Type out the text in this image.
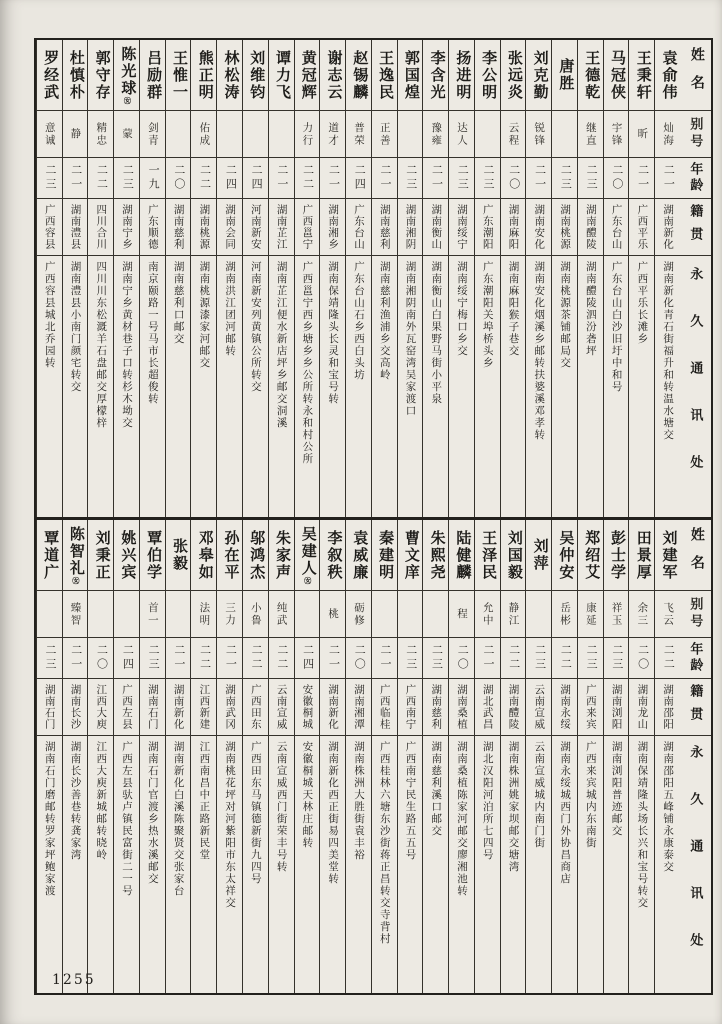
姓名
别号
年龄
籍贯
永久通讯处
袁俞伟
灿海
二一
湖南新化
湖南新化青石街福升和转温水塘交
王秉轩
昕
二一
广西平乐
广西平乐长滩乡
马冠侠
宇锋
二〇
广东台山
广东台山白沙旧圩中和号
王德乾
继直
二三
湖南醴陵
湖南醴陵泗汾砻坪
唐胜
二三
湖南桃源
湖南桃源茶铺邮局交
刘克勤
锐锋
二一
湖南安化
湖南安化烟溪乡邮转扶婆溪邓孝转
张远炎
云程
二〇
湖南麻阳
湖南麻阳猴子巷交
李公明
二三
广东潮阳
广东潮阳关埠桥头乡
扬进明
达人
二三
湖南绥宁
湖南绥宁梅口乡交
李含光
豫雍
二一
湖南衡山
湖南衡山白果野马街小平泉
郭国煌
二三
湖南湘阴
湖南湘阴南外瓦窑湾吴家渡口
王逸民
正善
二一
湖南慈利
湖南慈利渔浦乡交高岭
赵锡麟
普荣
二四
广东台山
广东台山石乡西白头坊
谢志云
道才
二一
湖南湘乡
湖南保靖隆头长灵和宝号转
黄冠辉
力行
二二
广西邕宁
广西邕宁西乡塘乡乡公所转永和村公所
谭力飞
二一
湖南芷江
湖南芷江便水新店坪乡邮交洞溪
刘维钧
二四
河南新安
河南新安列黄镇公所转交
林松涛
二四
湖南会同
湖南洪江团河邮转
熊正明
佑成
二二
湖南桃源
湖南桃源漆家河邮交
王惟一
二〇
湖南慈利
湖南慈利口邮交
吕励群
剑青
一九
广东顺德
南京颐路一号马市长超俊转
陈光球㊛
蒙
二三
湖南宁乡
湖南宁乡黄材巷子口转杉木坳交
郭守存
精忠
二二
四川合川
四川川东松溉羊石盘邮交厚檬梓
杜慎朴
静
二一
湖南澧县
湖南澧县小南门颜宅转交
罗经武
意诚
二三
广西容县
广西容县城北乔园转
姓名
别号
年龄
籍贯
永久通讯处
刘建军
飞云
二二
湖南邵阳
湖南邵阳五峰铺永康泰交
田景厚
余三
二〇
湖南龙山
湖南保靖隆头场长兴和宝号转交
彭士学
祥玉
二三
湖南浏阳
湖南浏阳普迹邮交
郑绍艾
康延
二三
广西来宾
广西来宾城内东南街
吴仲安
岳彬
二二
湖南永绥
湖南永绥城西门外协昌商店
刘萍
二三
云南宣威
云南宣威城内南门街
刘国毅
静江
二二
湖南醴陵
湖南株洲姚家坝邮交塘湾
王泽民
允中
二一
湖北武昌
湖北汉阳河泊所七四号
陆健麟
程
二〇
湖南桑植
湖南桑植陈家河邮交廖湘池转
朱熙尧
二三
湖南慈利
湖南慈利溪口邮交
曹文庠
二三
广西南宁
广西南宁民生路五五号
秦建明
二一
广西临桂
广西桂林六塘东沙街蒋正昌转交寺背村
袁威廉
砺修
二〇
湖南湘潭
湖南株洲大胜街袁丰裕
李叙秩
桃
二一
湖南新化
湖南新化西正街易四美堂转
吴建人㊛
二四
安徽桐城
安徽桐城天林庄邮转
朱家声
纯武
二二
云南宣威
云南宣威西门街荣丰号转
邬鸿杰
小鲁
二二
广西田东
广西田东马镇德新街九四号
孙在平
三力
二一
湖南武冈
湖南桃花坪对河紫阳市东太祥交
邓皋如
法明
二二
江西新建
江西南昌中正路新民堂
张毅
二一
湖南新化
湖南新化白溪陈聚贤交张家台
覃伯学
首一
二三
湖南石门
湖南石门官渡乡热水溪邮交
姚兴宾
二四
广西左县
广西左县驮卢镇民富街二一号
刘秉正
二〇
江西大庾
江西大庾新城邮转晓岭
陈智礼㊛
臻智
二一
湖南长沙
湖南长沙善巷转龚家湾
覃道广
二三
湖南石门
湖南石门磨邮转罗家坪鲍家渡
1255
